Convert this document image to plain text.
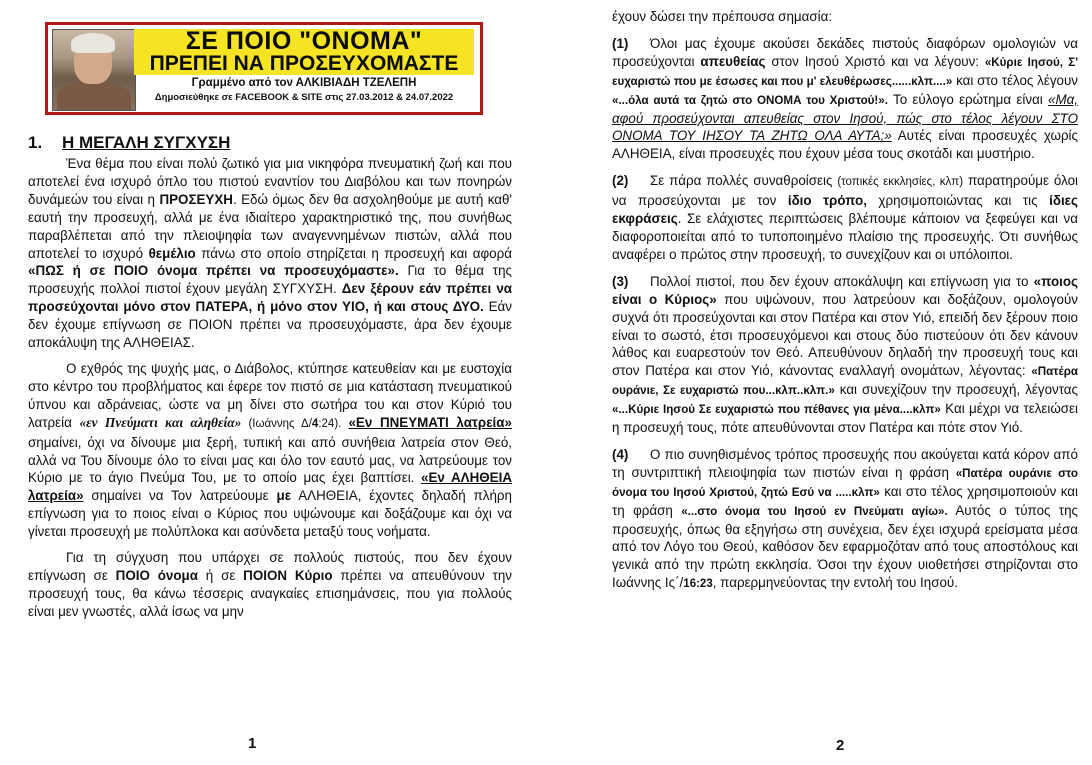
ΣΕ ΠΟΙΟ "ΟΝΟΜΑ"
ΠΡΕΠΕΙ ΝΑ ΠΡΟΣΕΥΧΟΜΑΣΤΕ
Γραμμένο από τον ΑΛΚΙΒΙΑΔΗ ΤΖΕΛΕΠΗ
Δημοσιεύθηκε σε FACEBOOK & SITE στις 27.03.2012 & 24.07.2022
1. Η ΜΕΓΑΛΗ ΣΥΓΧΥΣΗ

Ένα θέμα που είναι πολύ ζωτικό για μια νικηφόρα πνευματική ζωή και που αποτελεί ένα ισχυρό όπλο του πιστού εναντίον του Διαβόλου και των πονηρών δυνάμεών του είναι η ΠΡΟΣΕΥΧΗ. Εδώ όμως δεν θα ασχοληθούμε με αυτή καθ' εαυτή την προσευχή, αλλά με ένα ιδιαίτερο χαρακτηριστικό της, που συνήθως παραβλέπεται από την πλειοψηφία των αναγεννημένων πιστών, αλλά που αποτελεί το ισχυρό θεμέλιο πάνω στο οποίο στηρίζεται η προσευχή και αφορά «ΠΩΣ ή σε ΠΟΙΟ όνομα πρέπει να προσευχόμαστε». Για το θέμα της προσευχής πολλοί πιστοί έχουν μεγάλη ΣΥΓΧΥΣΗ. Δεν ξέρουν εάν πρέπει να προσεύχονται μόνο στον ΠΑΤΕΡΑ, ή μόνο στον ΥΙΟ, ή και στους ΔΥΟ. Εάν δεν έχουμε επίγνωση σε ΠΟΙΟΝ πρέπει να προσευχόμαστε, άρα δεν έχουμε αποκάλυψη της ΑΛΗΘΕΙΑΣ.

Ο εχθρός της ψυχής μας, ο Διάβολος, κτύπησε κατευθείαν και με ευστοχία στο κέντρο του προβλήματος και έφερε τον πιστό σε μια κατάσταση πνευματικού ύπνου και αδράνειας, ώστε να μη δίνει στο σωτήρα του και στον Κύριό του λατρεία «εν Πνεύματι και αληθεία» (Ιωάννης Δ/4:24). «Εν ΠΝΕΥΜΑΤΙ λατρεία» σημαίνει, όχι να δίνουμε μια ξερή, τυπική και από συνήθεια λατρεία στον Θεό, αλλά να Του δίνουμε όλο το είναι μας και όλο τον εαυτό μας, να λατρεύουμε τον Κύριο με το άγιο Πνεύμα Του, με το οποίο μας έχει βαπτίσει. «Εν ΑΛΗΘΕΙΑ λατρεία» σημαίνει να Τον λατρεύουμε με ΑΛΗΘΕΙΑ, έχοντες δηλαδή πλήρη επίγνωση για το ποιος είναι ο Κύριος που υψώνουμε και δοξάζουμε και όχι να γίνεται προσευχή με πολύπλοκα και ασύνδετα μεταξύ τους νοήματα.

Για τη σύγχυση που υπάρχει σε πολλούς πιστούς, που δεν έχουν επίγνωση σε ΠΟΙΟ όνομα ή σε ΠΟΙΟΝ Κύριο πρέπει να απευθύνουν την προσευχή τους, θα κάνω τέσσερις αναγκαίες επισημάνσεις, που για πολλούς είναι μεν γνωστές, αλλά ίσως να μην

1

έχουν δώσει την πρέπουσα σημασία:

(1) Όλοι μας έχουμε ακούσει δεκάδες πιστούς διαφόρων ομολογιών να προσεύχονται απευθείας στον Ιησού Χριστό και να λέγουν: «Κύριε Ιησού, Σ' ευχαριστώ που με έσωσες και που μ' ελευθέρωσες......κλπ....» και στο τέλος λέγουν «...όλα αυτά τα ζητώ στο ΟΝΟΜΑ του Χριστού!». Το εύλογο ερώτημα είναι «Μα, αφού προσεύχονται απευθείας στον Ιησού, πώς στο τέλος λέγουν ΣΤΟ ΟΝΟΜΑ ΤΟΥ ΙΗΣΟΥ ΤΑ ΖΗΤΩ ΟΛΑ ΑΥΤΑ;» Αυτές είναι προσευχές χωρίς ΑΛΗΘΕΙΑ, είναι προσευχές που έχουν μέσα τους σκοτάδι και μυστήριο.

(2) Σε πάρα πολλές συναθροίσεις (τοπικές εκκλησίες, κλπ) παρατηρούμε όλοι να προσεύχονται με τον ίδιο τρόπο, χρησιμοποιώντας και τις ίδιες εκφράσεις. Σε ελάχιστες περιπτώσεις βλέπουμε κάποιον να ξεφεύγει και να διαφοροποιείται από το τυποποιημένο πλαίσιο της προσευχής. Ότι συνήθως αναφέρει ο πρώτος στην προσευχή, το συνεχίζουν και οι υπόλοιποι.

(3) Πολλοί πιστοί, που δεν έχουν αποκάλυψη και επίγνωση για το «ποιος είναι ο Κύριος» που υψώνουν, που λατρεύουν και δοξάζουν, ομολογούν συχνά ότι προσεύχονται και στον Πατέρα και στον Υιό, επειδή δεν ξέρουν ποιο είναι το σωστό, έτσι προσευχόμενοι και στους δύο πιστεύουν ότι δεν κάνουν λάθος και ευαρεστούν τον Θεό. Απευθύνουν δηλαδή την προσευχή τους και στον Πατέρα και στον Υιό, κάνοντας εναλλαγή ονομάτων, λέγοντας: «Πατέρα ουράνιε, Σε ευχαριστώ που...κλπ..κλπ.» και συνεχίζουν την προσευχή, λέγοντας «...Κύριε Ιησού Σε ευχαριστώ που πέθανες για μένα....κλπ» Και μέχρι να τελειώσει η προσευχή τους, πότε απευθύνονται στον Πατέρα και πότε στον Υιό.

(4) Ο πιο συνηθισμένος τρόπος προσευχής που ακούγεται κατά κόρον από τη συντριπτική πλειοψηφία των πιστών είναι η φράση «Πατέρα ουράνιε στο όνομα του Ιησού Χριστού, ζητώ Εσύ να .....κλπ» και στο τέλος χρησιμοποιούν και τη φράση «...στο όνομα του Ιησού εν Πνεύματι αγίω». Αυτός ο τύπος της προσευχής, όπως θα εξηγήσω στη συνέχεια, δεν έχει ισχυρά ερείσματα μέσα από τον Λόγο του Θεού, καθόσον δεν εφαρμοζόταν από τους αποστόλους και γενικά από την πρώτη εκκλησία. Όσοι την έχουν υιοθετήσει στηρίζονται στο Ιωάννης Ις΄/16:23, παρερμηνεύοντας την εντολή του Ιησού.

2
